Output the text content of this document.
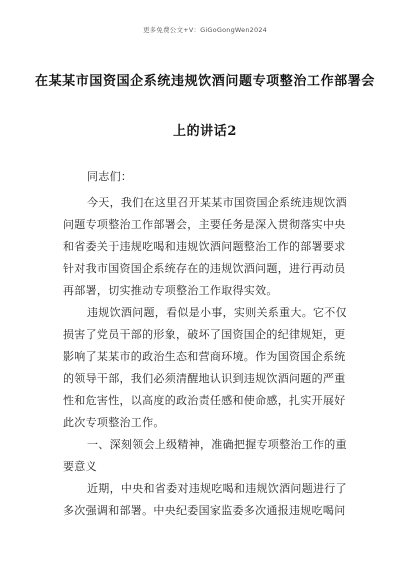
更多免费公文+V：GiGoGongWen2024
在某某市国资国企系统违规饮酒问题专项整治工作部署会
上的讲话2
同志们：
今天，我们在这里召开某某市国资国企系统违规饮酒
问题专项整治工作部署会，主要任务是深入贯彻落实中央
和省委关于违规吃喝和违规饮酒问题整治工作的部署要求
针对我市国资国企系统存在的违规饮酒问题，进行再动员
再部署，切实推动专项整治工作取得实效。
违规饮酒问题，看似是小事，实则关系重大。它不仅
损害了党员干部的形象，破坏了国资国企的纪律规矩，更
影响了某某市的政治生态和营商环境。作为国资国企系统
的领导干部，我们必须清醒地认识到违规饮酒问题的严重
性和危害性，以高度的政治责任感和使命感，扎实开展好
此次专项整治工作。
一、深刻领会上级精神，准确把握专项整治工作的重
要意义
近期，中央和省委对违规吃喝和违规饮酒问题进行了
多次强调和部署。中央纪委国家监委多次通报违规吃喝问
